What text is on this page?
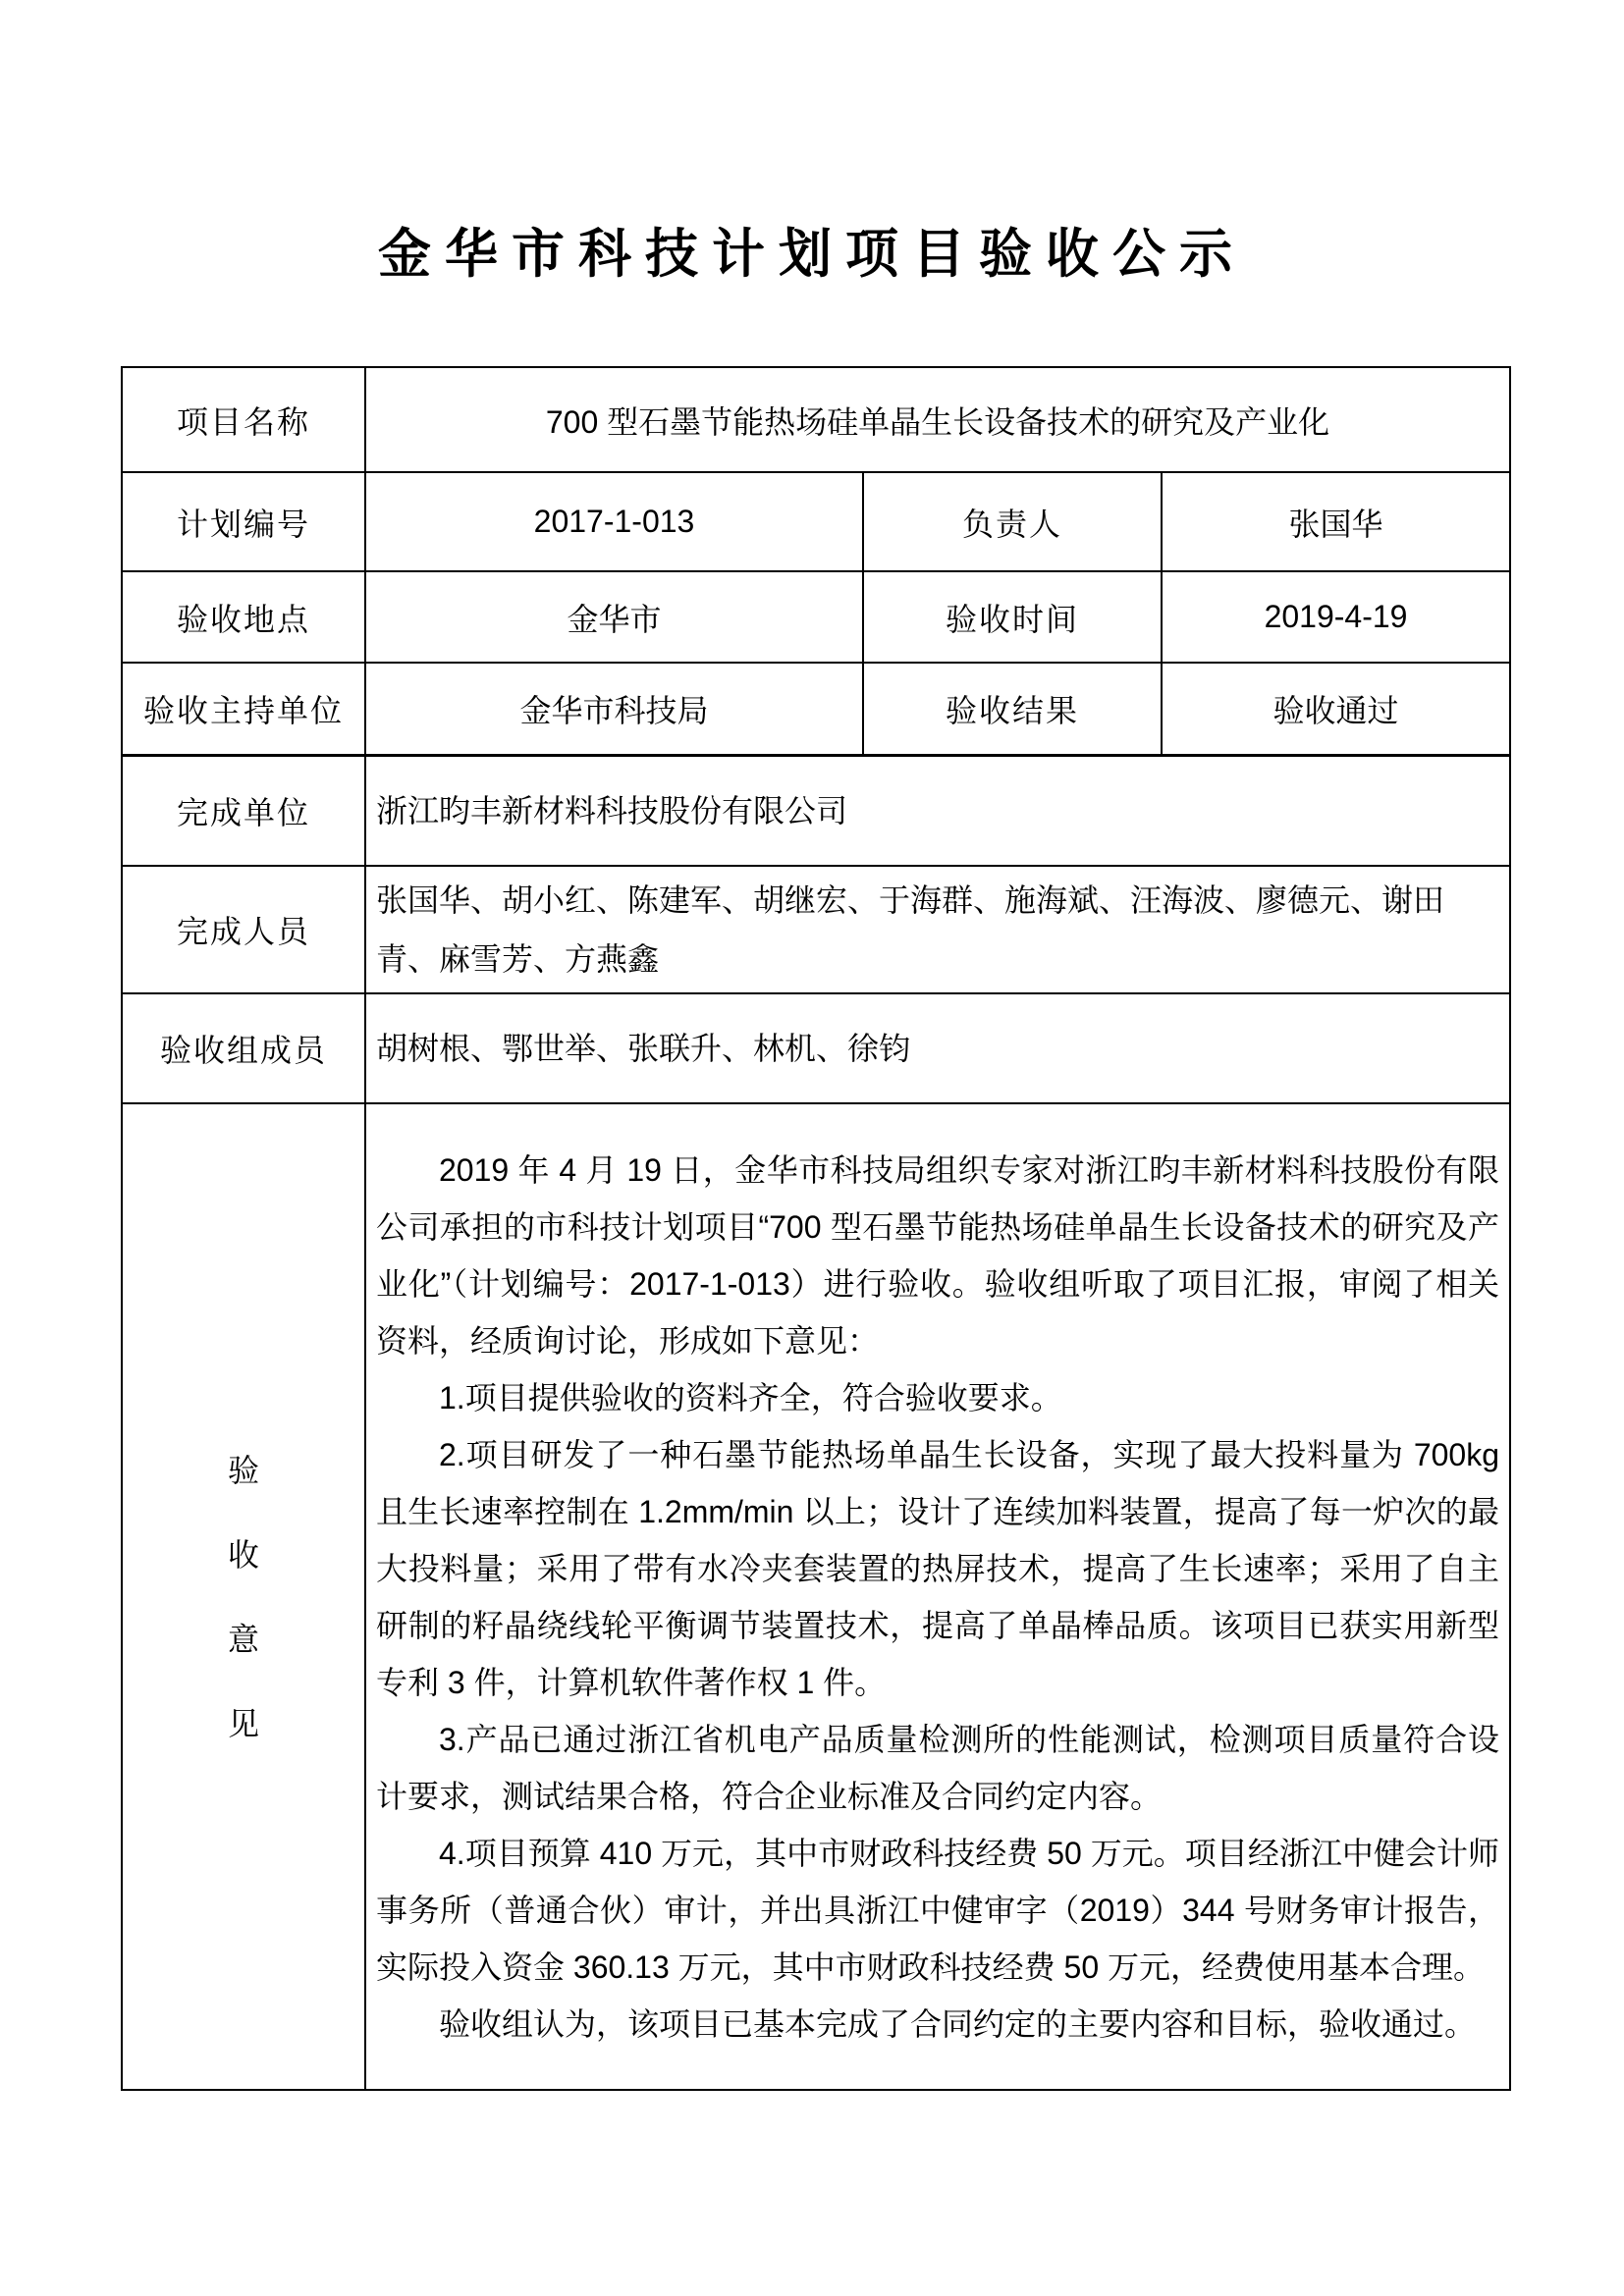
金华市科技计划项目验收公示
项目名称	700 型石墨节能热场硅单晶生长设备技术的研究及产业化		
计划编号	2017-1-013	负责人	张国华
验收地点	金华市	验收时间	2019-4-19
验收主持单位	金华市科技局	验收结果	验收通过
完成单位	浙江昀丰新材料科技股份有限公司		
完成人员	张国华、胡小红、陈建军、胡继宏、于海群、施海斌、汪海波、廖德元、谢田青、麻雪芳、方燕鑫		
验收组成员	胡树根、鄂世举、张联升、林机、徐钧		

验
收
意
见

2019 年 4 月 19 日，金华市科技局组织专家对浙江昀丰新材料科技股份有限公司承担的市科技计划项目“700 型石墨节能热场硅单晶生长设备技术的研究及产业化”（计划编号：2017-1-013）进行验收。验收组听取了项目汇报，审阅了相关资料，经质询讨论，形成如下意见：

1.项目提供验收的资料齐全，符合验收要求。

2.项目研发了一种石墨节能热场单晶生长设备，实现了最大投料量为 700kg 且生长速率控制在 1.2mm/min 以上；设计了连续加料装置，提高了每一炉次的最大投料量；采用了带有水冷夹套装置的热屏技术，提高了生长速率；采用了自主研制的籽晶绕线轮平衡调节装置技术，提高了单晶棒品质。该项目已获实用新型专利 3 件，计算机软件著作权 1 件。

3.产品已通过浙江省机电产品质量检测所的性能测试，检测项目质量符合设计要求，测试结果合格，符合企业标准及合同约定内容。

4.项目预算 410 万元，其中市财政科技经费 50 万元。项目经浙江中健会计师事务所（普通合伙）审计，并出具浙江中健审字（2019）344 号财务审计报告，实际投入资金 360.13 万元，其中市财政科技经费 50 万元，经费使用基本合理。

验收组认为，该项目已基本完成了合同约定的主要内容和目标，验收通过。
